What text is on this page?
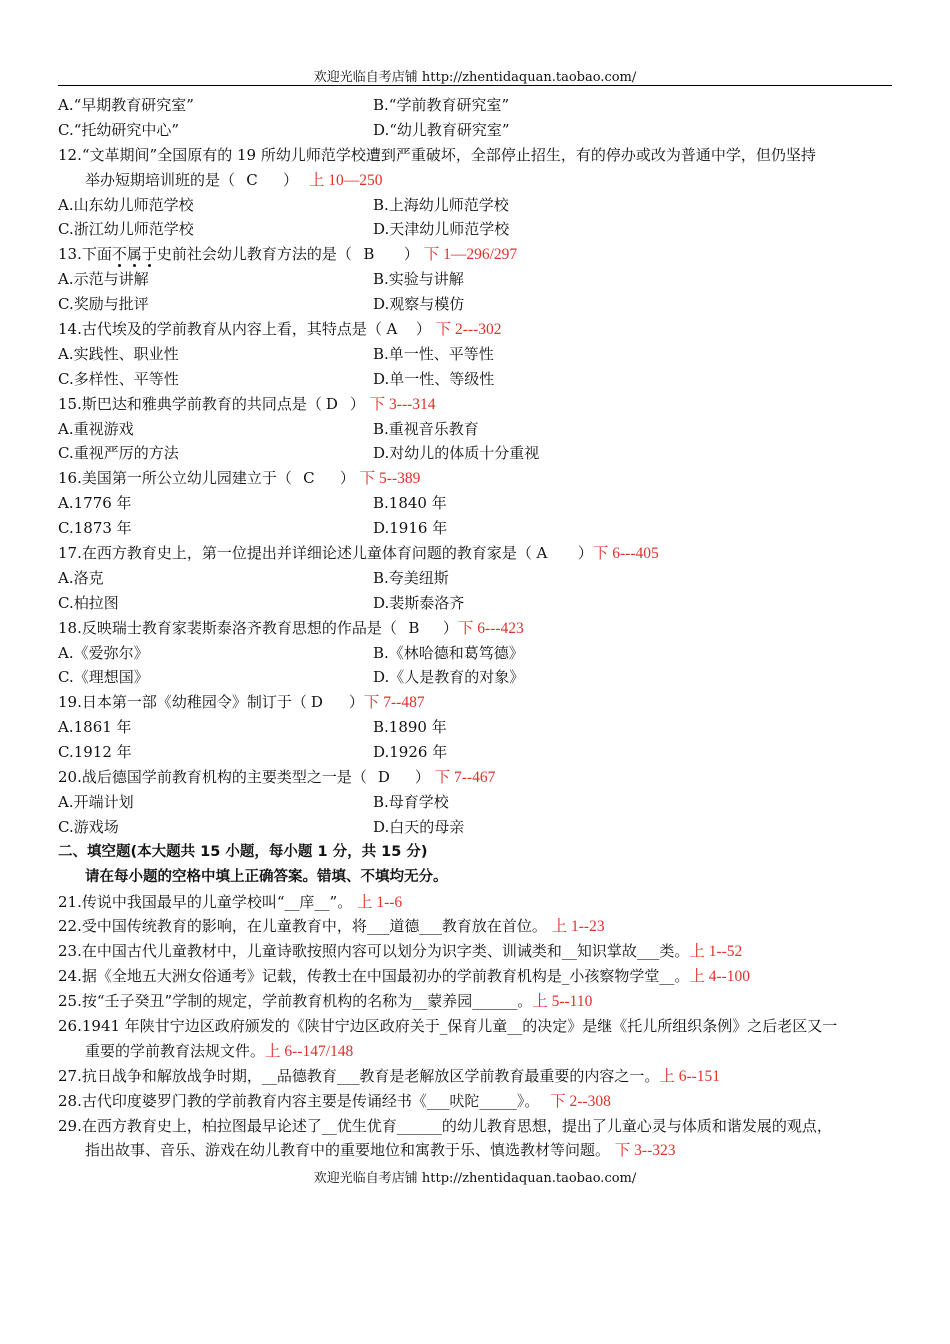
欢迎光临自考店铺 http://zhentidaquan.taobao.com/
A.“早期教育研究室”	B.“学前教育研究室”
C.“托幼研究中心”	D.“幼儿教育研究室”
12.“文革期间”全国原有的 19 所幼儿师范学校遭到严重破坏，全部停止招生，有的停办或改为普通中学，但仍坚持
举办短期培训班的是（ C ） 上 10—250
A.山东幼儿师范学校	B.上海幼儿师范学校
C.浙江幼儿师范学校	D.天津幼儿师范学校
13.下面不属于史前社会幼儿教育方法的是（ B ） 下 1—296/297
A.示范与讲解	B.实验与讲解
C.奖励与批评	D.观察与模仿
14.古代埃及的学前教育从内容上看，其特点是（ A ） 下 2---302
A.实践性、职业性	B.单一性、平等性
C.多样性、平等性	D.单一性、等级性
15.斯巴达和雅典学前教育的共同点是（ D ） 下 3---314
A.重视游戏	B.重视音乐教育
C.重视严厉的方法	D.对幼儿的体质十分重视
16.美国第一所公立幼儿园建立于（ C ） 下 5--389
A.1776 年	B.1840 年
C.1873 年	D.1916 年
17.在西方教育史上，第一位提出并详细论述儿童体育问题的教育家是（ A ）下 6---405
A.洛克	B.夸美纽斯
C.柏拉图	D.裴斯泰洛齐
18.反映瑞士教育家裴斯泰洛齐教育思想的作品是（ B ）下 6---423
A.《爱弥尔》	B.《林哈德和葛笃德》
C.《理想国》	D.《人是教育的对象》
19.日本第一部《幼稚园令》制订于（ D ）下 7--487
A.1861 年	B.1890 年
C.1912 年	D.1926 年
20.战后德国学前教育机构的主要类型之一是（ D ） 下 7--467
A.开端计划	B.母育学校
C.游戏场	D.白天的母亲
二、填空题(本大题共 15 小题，每小题 1 分，共 15 分)
请在每小题的空格中填上正确答案。错填、不填均无分。
21.传说中我国最早的儿童学校叫“__庠__”。 上 1--6
22.受中国传统教育的影响，在儿童教育中，将___道德___教育放在首位。 上 1--23
23.在中国古代儿童教材中，儿童诗歌按照内容可以划分为识字类、训诫类和__知识掌故___类。上 1--52
24.据《全地五大洲女俗通考》记载，传教士在中国最初办的学前教育机构是_小孩察物学堂__。上 4--100
25.按“壬子癸丑”学制的规定，学前教育机构的名称为__蒙养园______。上 5--110
26.1941 年陕甘宁边区政府颁发的《陕甘宁边区政府关于_保育儿童__的决定》是继《托儿所组织条例》之后老区又一
重要的学前教育法规文件。上 6--147/148
27.抗日战争和解放战争时期，__品德教育___教育是老解放区学前教育最重要的内容之一。上 6--151
28.古代印度婆罗门教的学前教育内容主要是传诵经书《___吠陀_____》。 下 2--308
29.在西方教育史上，柏拉图最早论述了__优生优育______的幼儿教育思想，提出了儿童心灵与体质和谐发展的观点，
指出故事、音乐、游戏在幼儿教育中的重要地位和寓教于乐、慎选教材等问题。 下 3--323
欢迎光临自考店铺 http://zhentidaquan.taobao.com/
